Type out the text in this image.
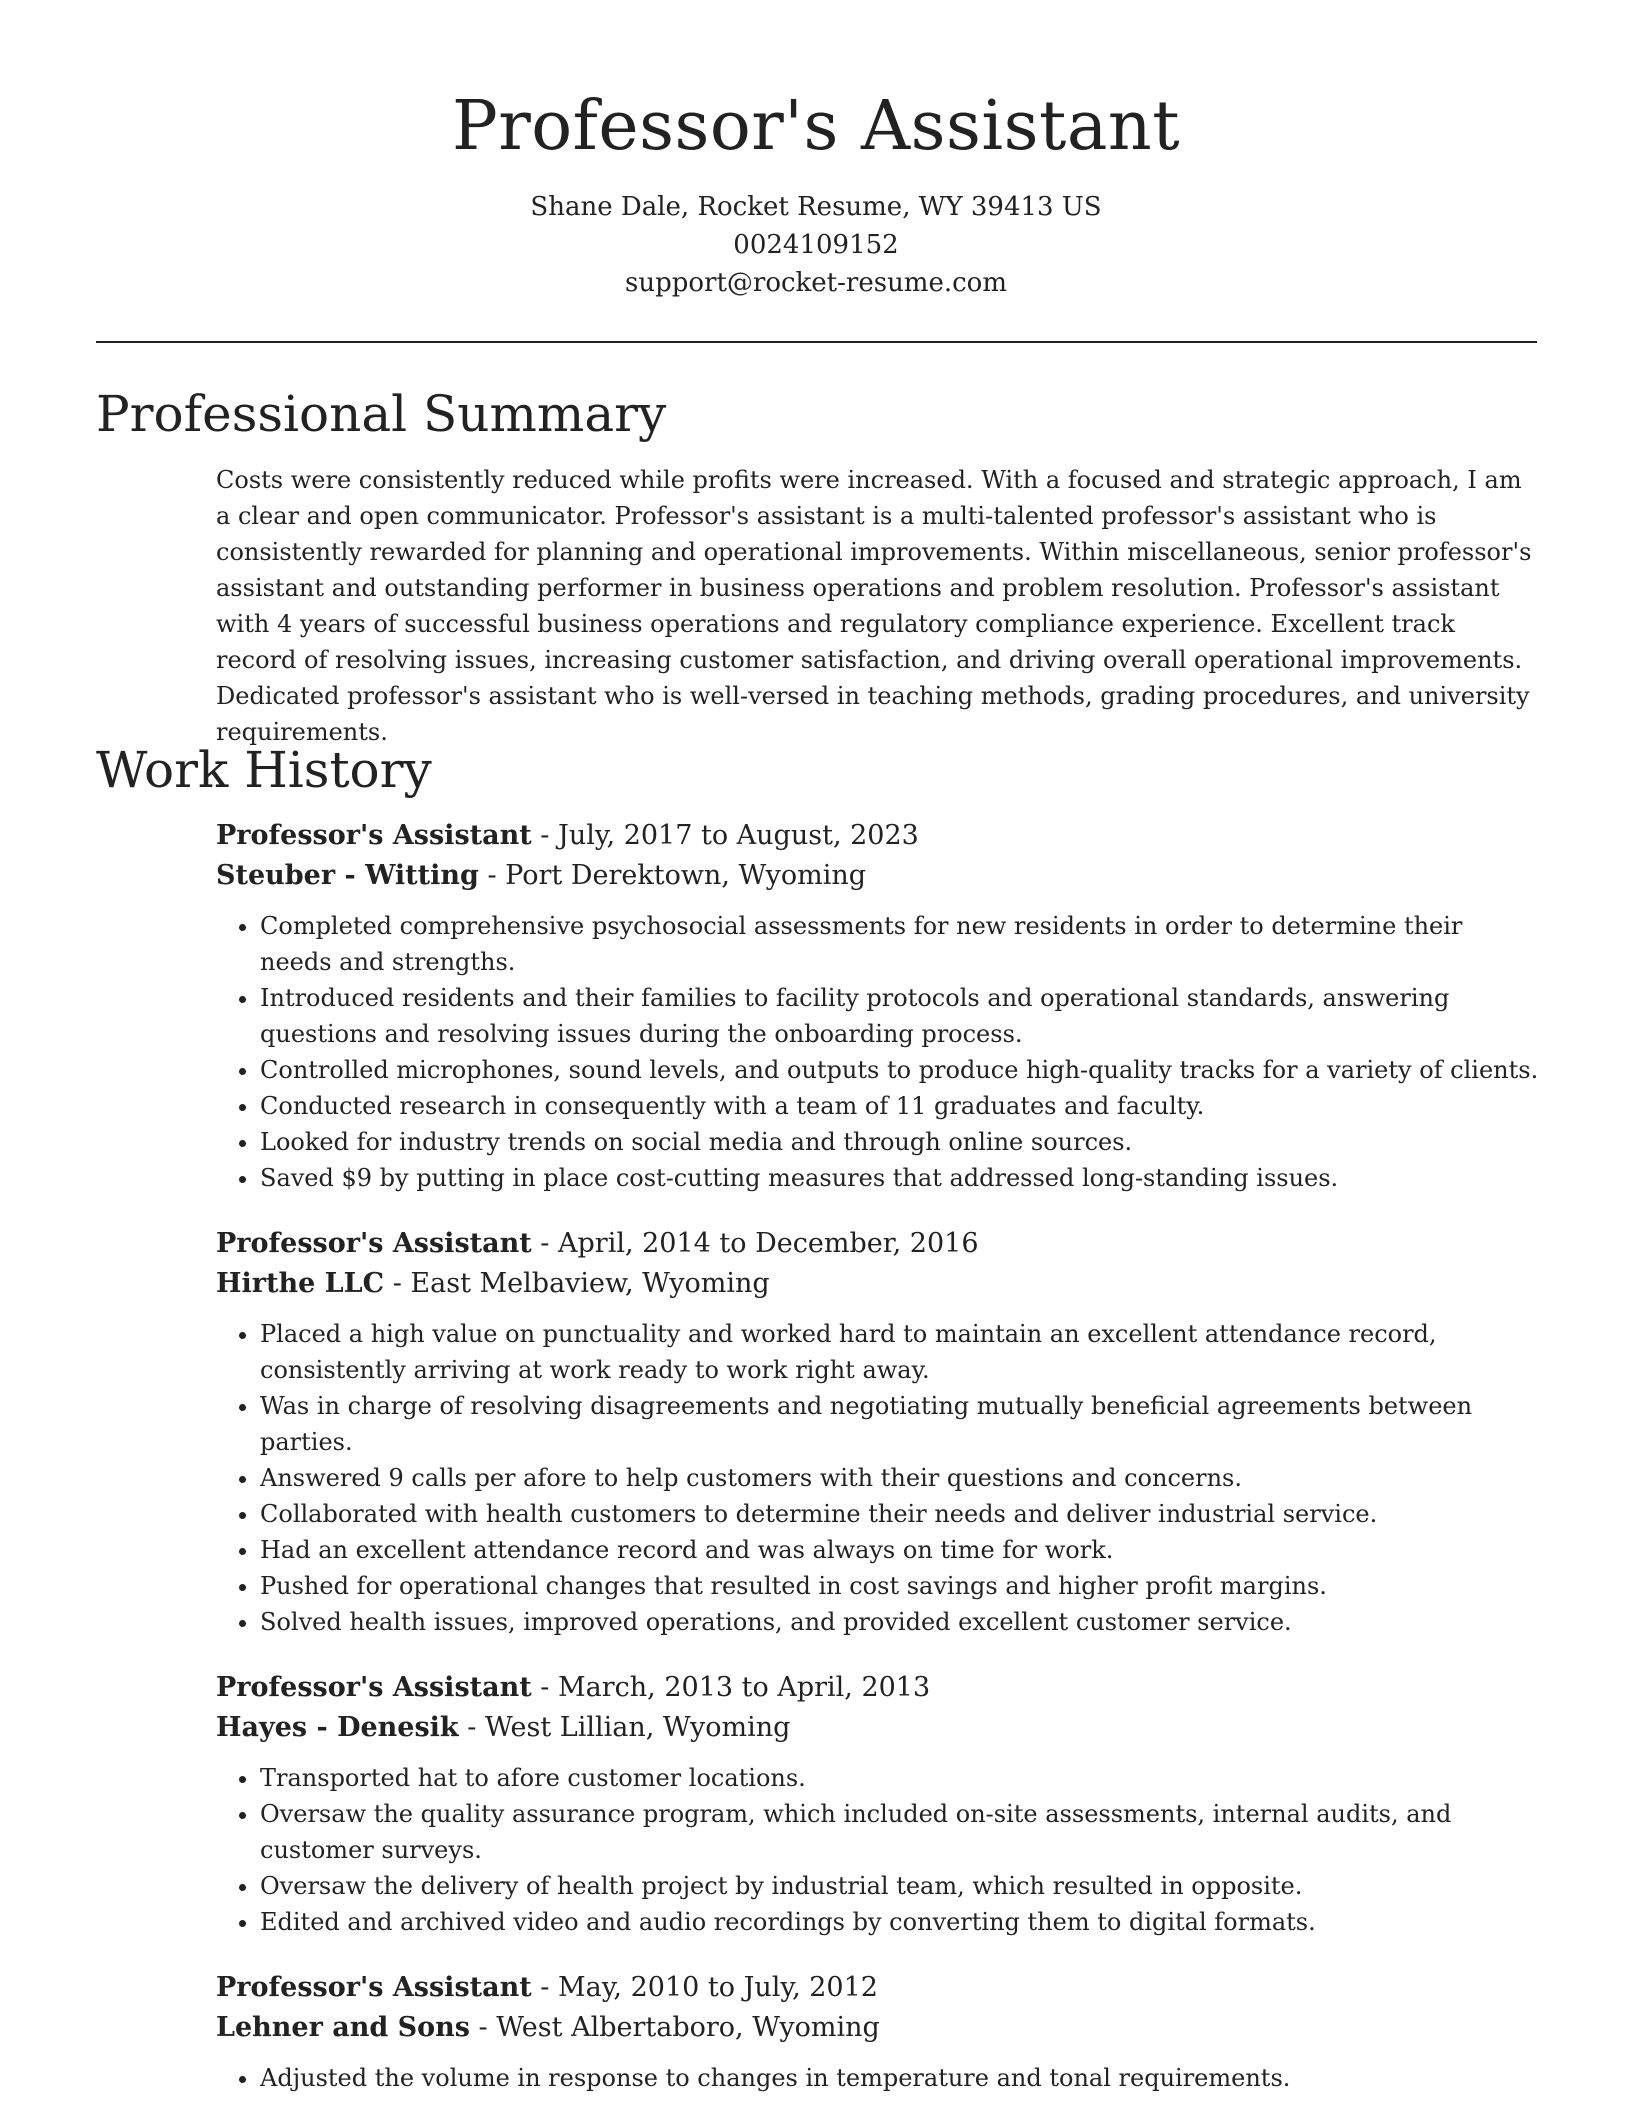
Professor's Assistant
Shane Dale, Rocket Resume, WY 39413 US
0024109152
support@rocket-resume.com
Professional Summary

Costs were consistently reduced while profits were increased. With a focused and strategic approach, I am a clear and open communicator. Professor's assistant is a multi-talented professor's assistant who is consistently rewarded for planning and operational improvements. Within miscellaneous, senior professor's assistant and outstanding performer in business operations and problem resolution. Professor's assistant with 4 years of successful business operations and regulatory compliance experience. Excellent track record of resolving issues, increasing customer satisfaction, and driving overall operational improvements. Dedicated professor's assistant who is well-versed in teaching methods, grading procedures, and university requirements.

Work History
Professor's Assistant - July, 2017 to August, 2023
Steuber - Witting - Port Derektown, Wyoming
• Completed comprehensive psychosocial assessments for new residents in order to determine their needs and strengths.
• Introduced residents and their families to facility protocols and operational standards, answering questions and resolving issues during the onboarding process.
• Controlled microphones, sound levels, and outputs to produce high-quality tracks for a variety of clients.
• Conducted research in consequently with a team of 11 graduates and faculty.
• Looked for industry trends on social media and through online sources.
• Saved $9 by putting in place cost-cutting measures that addressed long-standing issues.
Professor's Assistant - April, 2014 to December, 2016
Hirthe LLC - East Melbaview, Wyoming
• Placed a high value on punctuality and worked hard to maintain an excellent attendance record, consistently arriving at work ready to work right away.
• Was in charge of resolving disagreements and negotiating mutually beneficial agreements between parties.
• Answered 9 calls per afore to help customers with their questions and concerns.
• Collaborated with health customers to determine their needs and deliver industrial service.
• Had an excellent attendance record and was always on time for work.
• Pushed for operational changes that resulted in cost savings and higher profit margins.
• Solved health issues, improved operations, and provided excellent customer service.
Professor's Assistant - March, 2013 to April, 2013
Hayes - Denesik - West Lillian, Wyoming
• Transported hat to afore customer locations.
• Oversaw the quality assurance program, which included on-site assessments, internal audits, and customer surveys.
• Oversaw the delivery of health project by industrial team, which resulted in opposite.
• Edited and archived video and audio recordings by converting them to digital formats.
Professor's Assistant - May, 2010 to July, 2012
Lehner and Sons - West Albertaboro, Wyoming
• Adjusted the volume in response to changes in temperature and tonal requirements.
